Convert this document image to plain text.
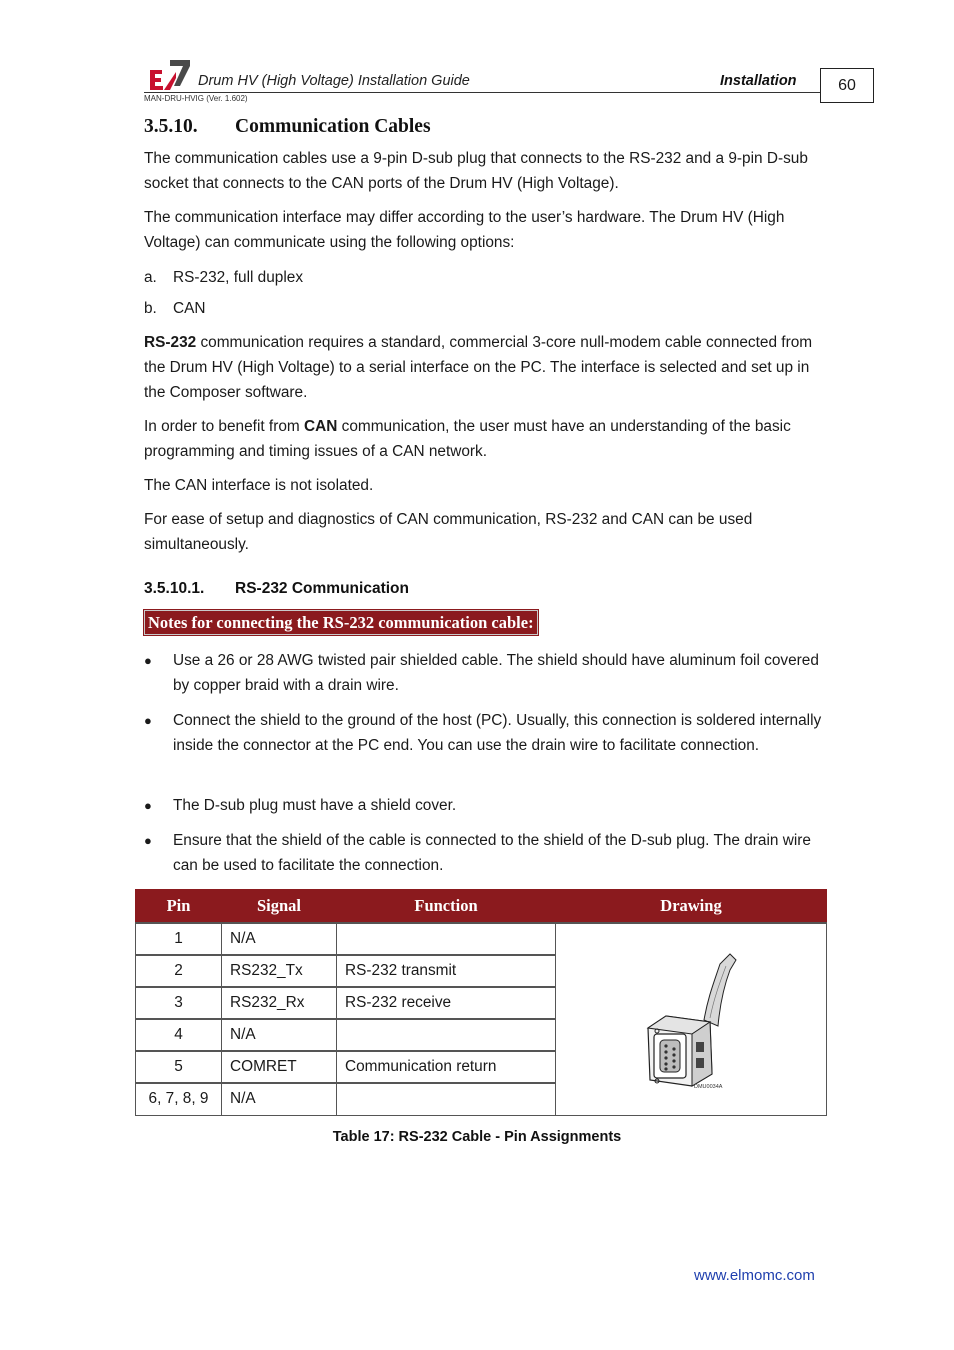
Drum HV (High Voltage) Installation Guide	Installation
MAN-DRU-HVIG (Ver. 1.602)
60
3.5.10. Communication Cables
The communication cables use a 9-pin D-sub plug that connects to the RS-232 and a 9-pin D-sub socket that connects to the CAN ports of the Drum HV (High Voltage).
The communication interface may differ according to the user’s hardware. The Drum HV (High Voltage) can communicate using the following options:
a. RS-232, full duplex
b. CAN
RS-232 communication requires a standard, commercial 3-core null-modem cable connected from the Drum HV (High Voltage) to a serial interface on the PC. The interface is selected and set up in the Composer software.
In order to benefit from CAN communication, the user must have an understanding of the basic programming and timing issues of a CAN network.
The CAN interface is not isolated.
For ease of setup and diagnostics of CAN communication, RS-232 and CAN can be used simultaneously.
3.5.10.1. RS-232 Communication
Notes for connecting the RS-232 communication cable:
●	Use a 26 or 28 AWG twisted pair shielded cable. The shield should have aluminum foil covered by copper braid with a drain wire.
●	Connect the shield to the ground of the host (PC). Usually, this connection is soldered internally inside the connector at the PC end. You can use the drain wire to facilitate connection.
●	The D-sub plug must have a shield cover.
●	Ensure that the shield of the cable is connected to the shield of the D-sub plug. The drain wire can be used to facilitate the connection.
Pin	Signal	Function	Drawing
1	N/A		DMU0034A

2	RS232_Tx	RS-232 transmit	
3	RS232_Rx	RS-232 receive	
4	N/A		
5	COMRET	Communication return	
6, 7, 8, 9	N/A		
Table 17: RS-232 Cable - Pin Assignments
www.elmomc.com
